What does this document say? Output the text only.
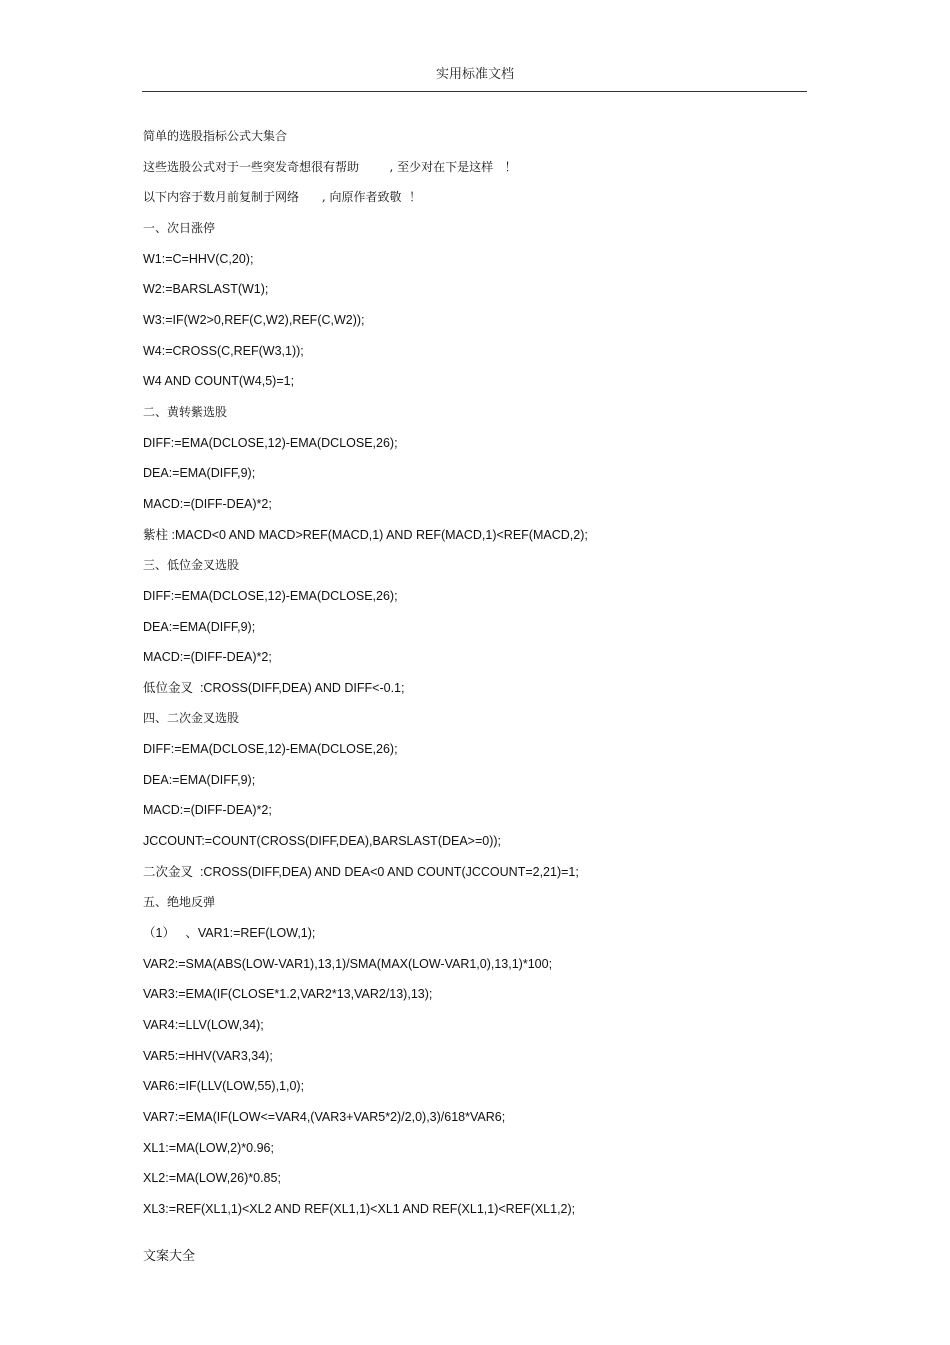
实用标准文档
简单的选股指标公式大集合
这些选股公式对于一些突发奇想很有帮助        , 至少对在下是这样   ！
以下内容于数月前复制于网络      , 向原作者致敬  ！
一、次日涨停
W1:=C=HHV(C,20);
W2:=BARSLAST(W1);
W3:=IF(W2>0,REF(C,W2),REF(C,W2));
W4:=CROSS(C,REF(W3,1));
W4 AND COUNT(W4,5)=1;
二、黄转紫选股
DIFF:=EMA(DCLOSE,12)-EMA(DCLOSE,26);
DEA:=EMA(DIFF,9);
MACD:=(DIFF-DEA)*2;
紫柱 :MACD<0 AND MACD>REF(MACD,1) AND REF(MACD,1)<REF(MACD,2);
三、低位金叉选股
DIFF:=EMA(DCLOSE,12)-EMA(DCLOSE,26);
DEA:=EMA(DIFF,9);
MACD:=(DIFF-DEA)*2;
低位金叉  :CROSS(DIFF,DEA) AND DIFF<-0.1;
四、二次金叉选股
DIFF:=EMA(DCLOSE,12)-EMA(DCLOSE,26);
DEA:=EMA(DIFF,9);
MACD:=(DIFF-DEA)*2;
JCCOUNT:=COUNT(CROSS(DIFF,DEA),BARSLAST(DEA>=0));
二次金叉  :CROSS(DIFF,DEA) AND DEA<0 AND COUNT(JCCOUNT=2,21)=1;
五、绝地反弹
（1）   、VAR1:=REF(LOW,1);
VAR2:=SMA(ABS(LOW-VAR1),13,1)/SMA(MAX(LOW-VAR1,0),13,1)*100;
VAR3:=EMA(IF(CLOSE*1.2,VAR2*13,VAR2/13),13);
VAR4:=LLV(LOW,34);
VAR5:=HHV(VAR3,34);
VAR6:=IF(LLV(LOW,55),1,0);
VAR7:=EMA(IF(LOW<=VAR4,(VAR3+VAR5*2)/2,0),3)/618*VAR6;
XL1:=MA(LOW,2)*0.96;
XL2:=MA(LOW,26)*0.85;
XL3:=REF(XL1,1)<XL2 AND REF(XL1,1)<XL1 AND REF(XL1,1)<REF(XL1,2);
文案大全
